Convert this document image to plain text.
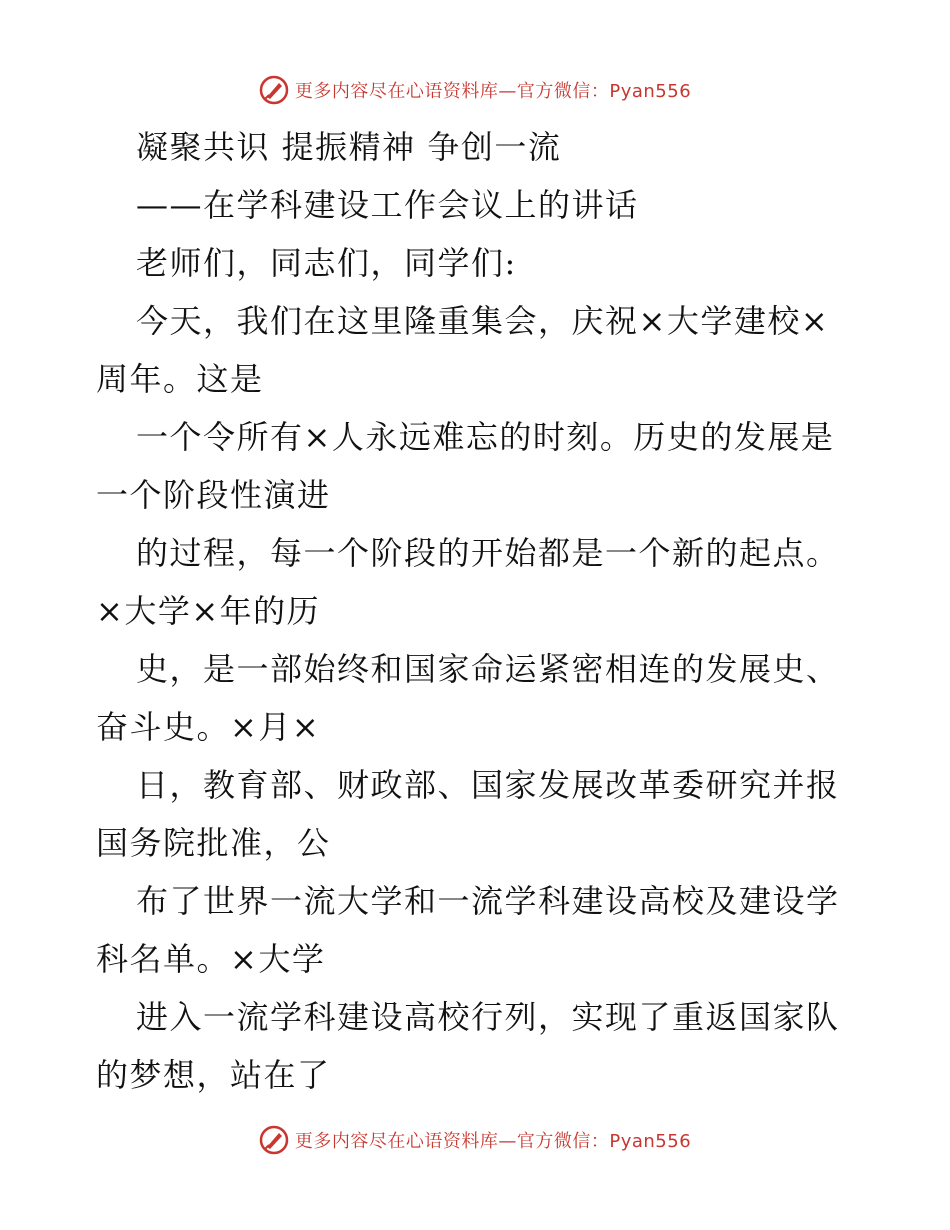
更多内容尽在心语资料库—官方微信：Pyan556
凝聚共识 提振精神 争创一流
——在学科建设工作会议上的讲话
老师们，同志们，同学们:
今天，我们在这里隆重集会，庆祝×大学建校×
周年。这是
一个令所有×人永远难忘的时刻。历史的发展是
一个阶段性演进
的过程，每一个阶段的开始都是一个新的起点。
×大学×年的历
史，是一部始终和国家命运紧密相连的发展史、
奋斗史。×月×
日，教育部、财政部、国家发展改革委研究并报
国务院批准，公
布了世界一流大学和一流学科建设高校及建设学
科名单。×大学
进入一流学科建设高校行列，实现了重返国家队
的梦想，站在了
更多内容尽在心语资料库—官方微信：Pyan556
